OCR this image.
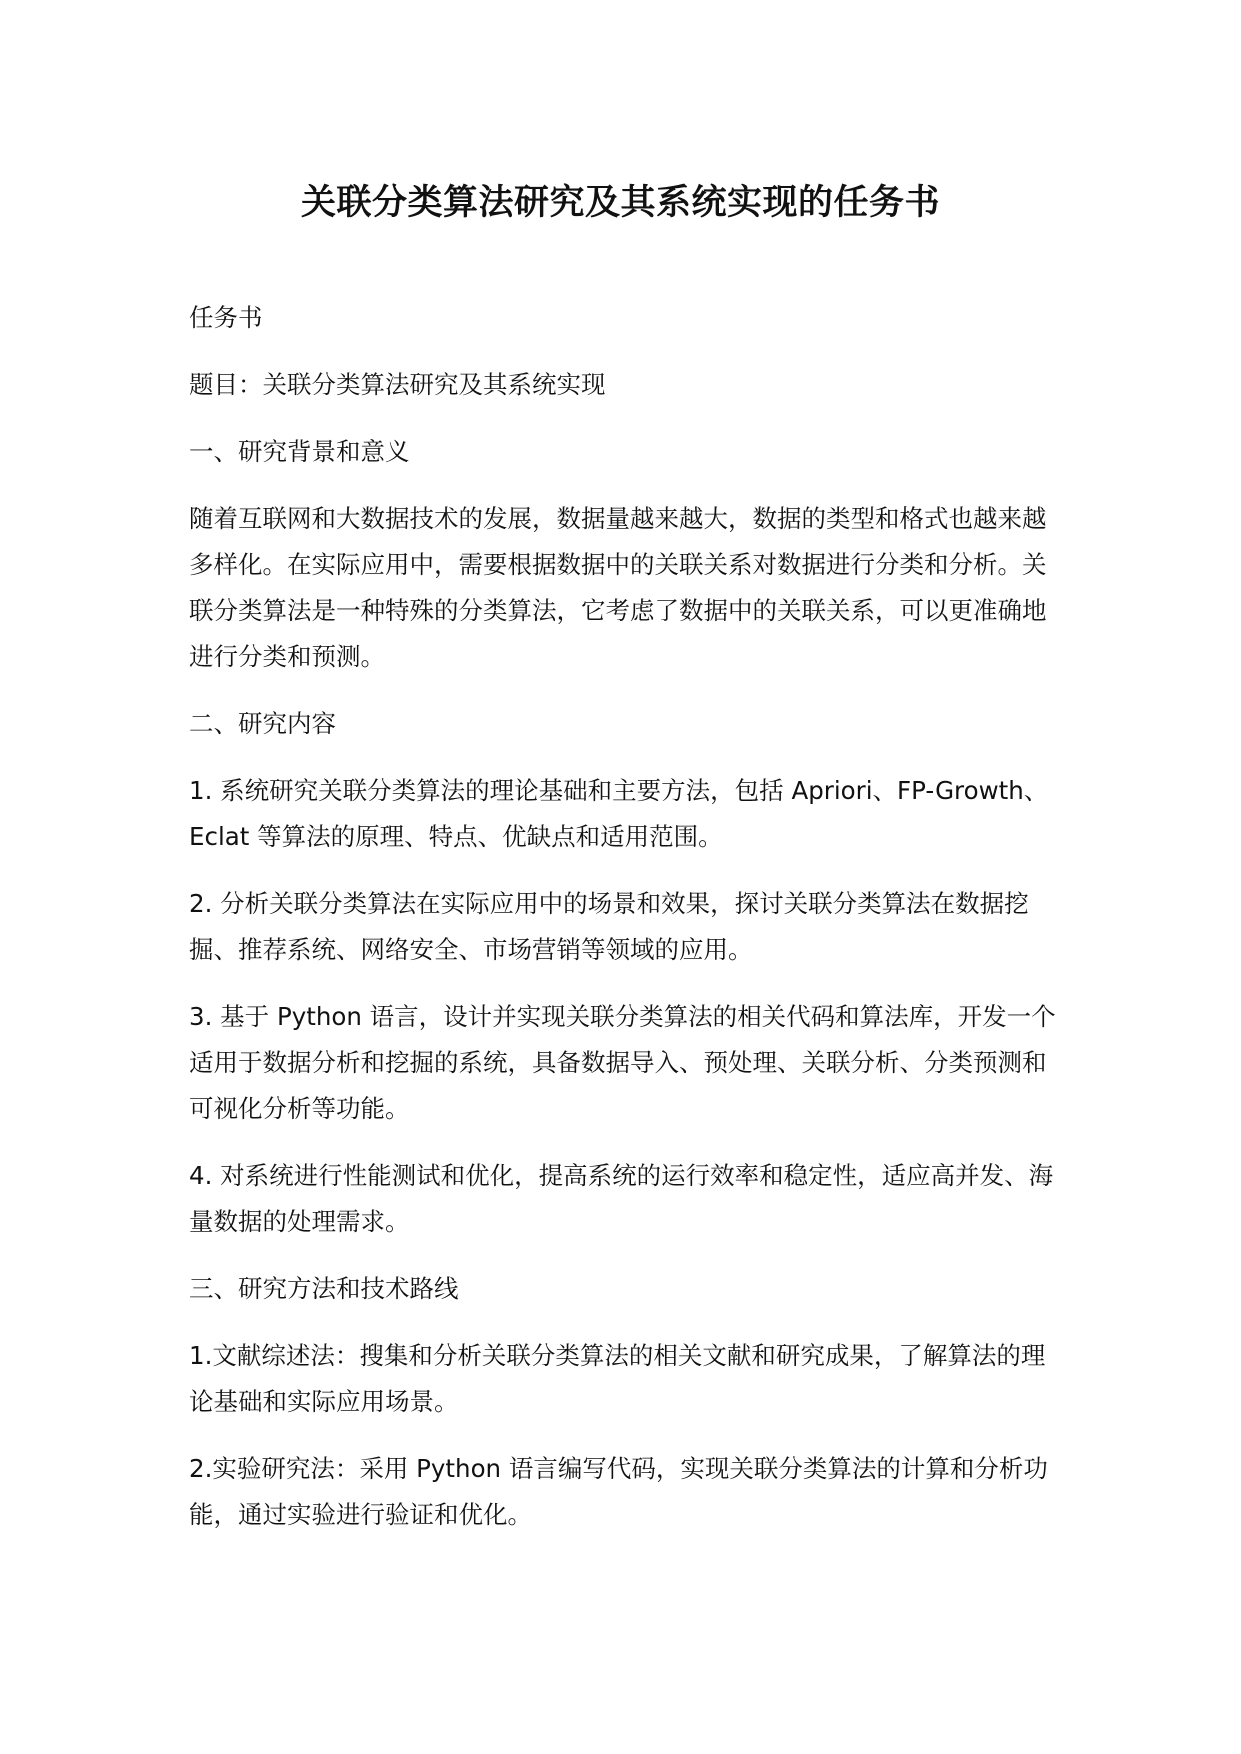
关联分类算法研究及其系统实现的任务书

任务书

题目：关联分类算法研究及其系统实现

一、研究背景和意义

随着互联网和大数据技术的发展，数据量越来越大，数据的类型和格式也越来越多样化。在实际应用中，需要根据数据中的关联关系对数据进行分类和分析。关联分类算法是一种特殊的分类算法，它考虑了数据中的关联关系，可以更准确地进行分类和预测。

二、研究内容

1. 系统研究关联分类算法的理论基础和主要方法，包括 Apriori、FP-Growth、Eclat 等算法的原理、特点、优缺点和适用范围。

2. 分析关联分类算法在实际应用中的场景和效果，探讨关联分类算法在数据挖掘、推荐系统、网络安全、市场营销等领域的应用。

3. 基于 Python 语言，设计并实现关联分类算法的相关代码和算法库，开发一个适用于数据分析和挖掘的系统，具备数据导入、预处理、关联分析、分类预测和可视化分析等功能。

4. 对系统进行性能测试和优化，提高系统的运行效率和稳定性，适应高并发、海量数据的处理需求。

三、研究方法和技术路线

1.文献综述法：搜集和分析关联分类算法的相关文献和研究成果，了解算法的理论基础和实际应用场景。

2.实验研究法：采用 Python 语言编写代码，实现关联分类算法的计算和分析功能，通过实验进行验证和优化。
